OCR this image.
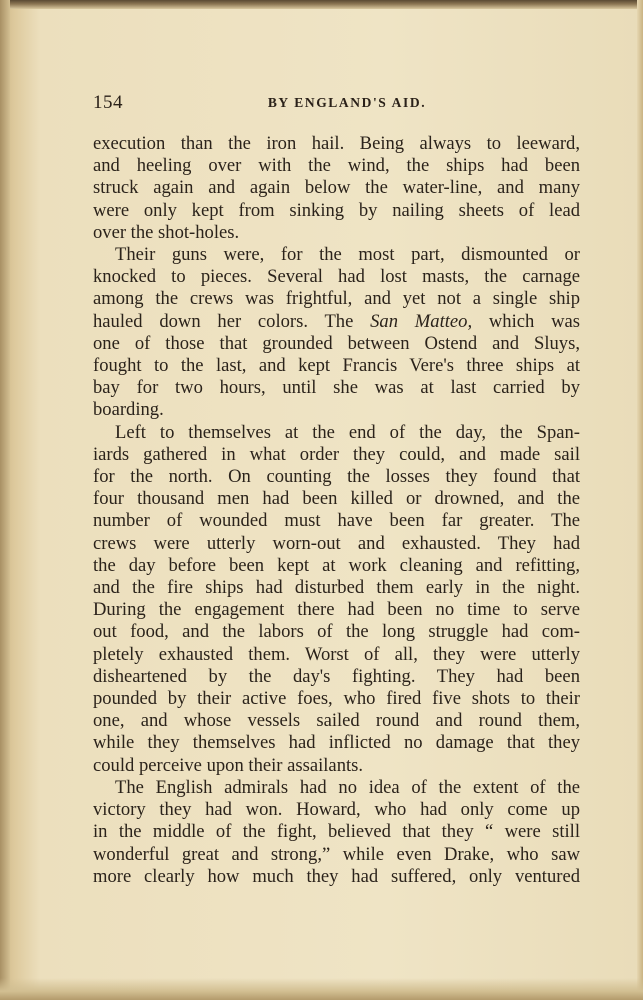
154	BY ENGLAND'S AID.

execution than the iron hail. Being always to leeward,
and heeling over with the wind, the ships had been
struck again and again below the water-line, and many
were only kept from sinking by nailing sheets of lead
over the shot-holes.

Their guns were, for the most part, dismounted or
knocked to pieces. Several had lost masts, the carnage
among the crews was frightful, and yet not a single ship
hauled down her colors. The San Matteo, which was
one of those that grounded between Ostend and Sluys,
fought to the last, and kept Francis Vere's three ships at
bay for two hours, until she was at last carried by
boarding.

Left to themselves at the end of the day, the Span-
iards gathered in what order they could, and made sail
for the north. On counting the losses they found that
four thousand men had been killed or drowned, and the
number of wounded must have been far greater. The
crews were utterly worn-out and exhausted. They had
the day before been kept at work cleaning and refitting,
and the fire ships had disturbed them early in the night.
During the engagement there had been no time to serve
out food, and the labors of the long struggle had com-
pletely exhausted them. Worst of all, they were utterly
disheartened by the day's fighting. They had been
pounded by their active foes, who fired five shots to their
one, and whose vessels sailed round and round them,
while they themselves had inflicted no damage that they
could perceive upon their assailants.

The English admirals had no idea of the extent of the
victory they had won. Howard, who had only come up
in the middle of the fight, believed that they “ were still
wonderful great and strong,” while even Drake, who saw
more clearly how much they had suffered, only ventured
